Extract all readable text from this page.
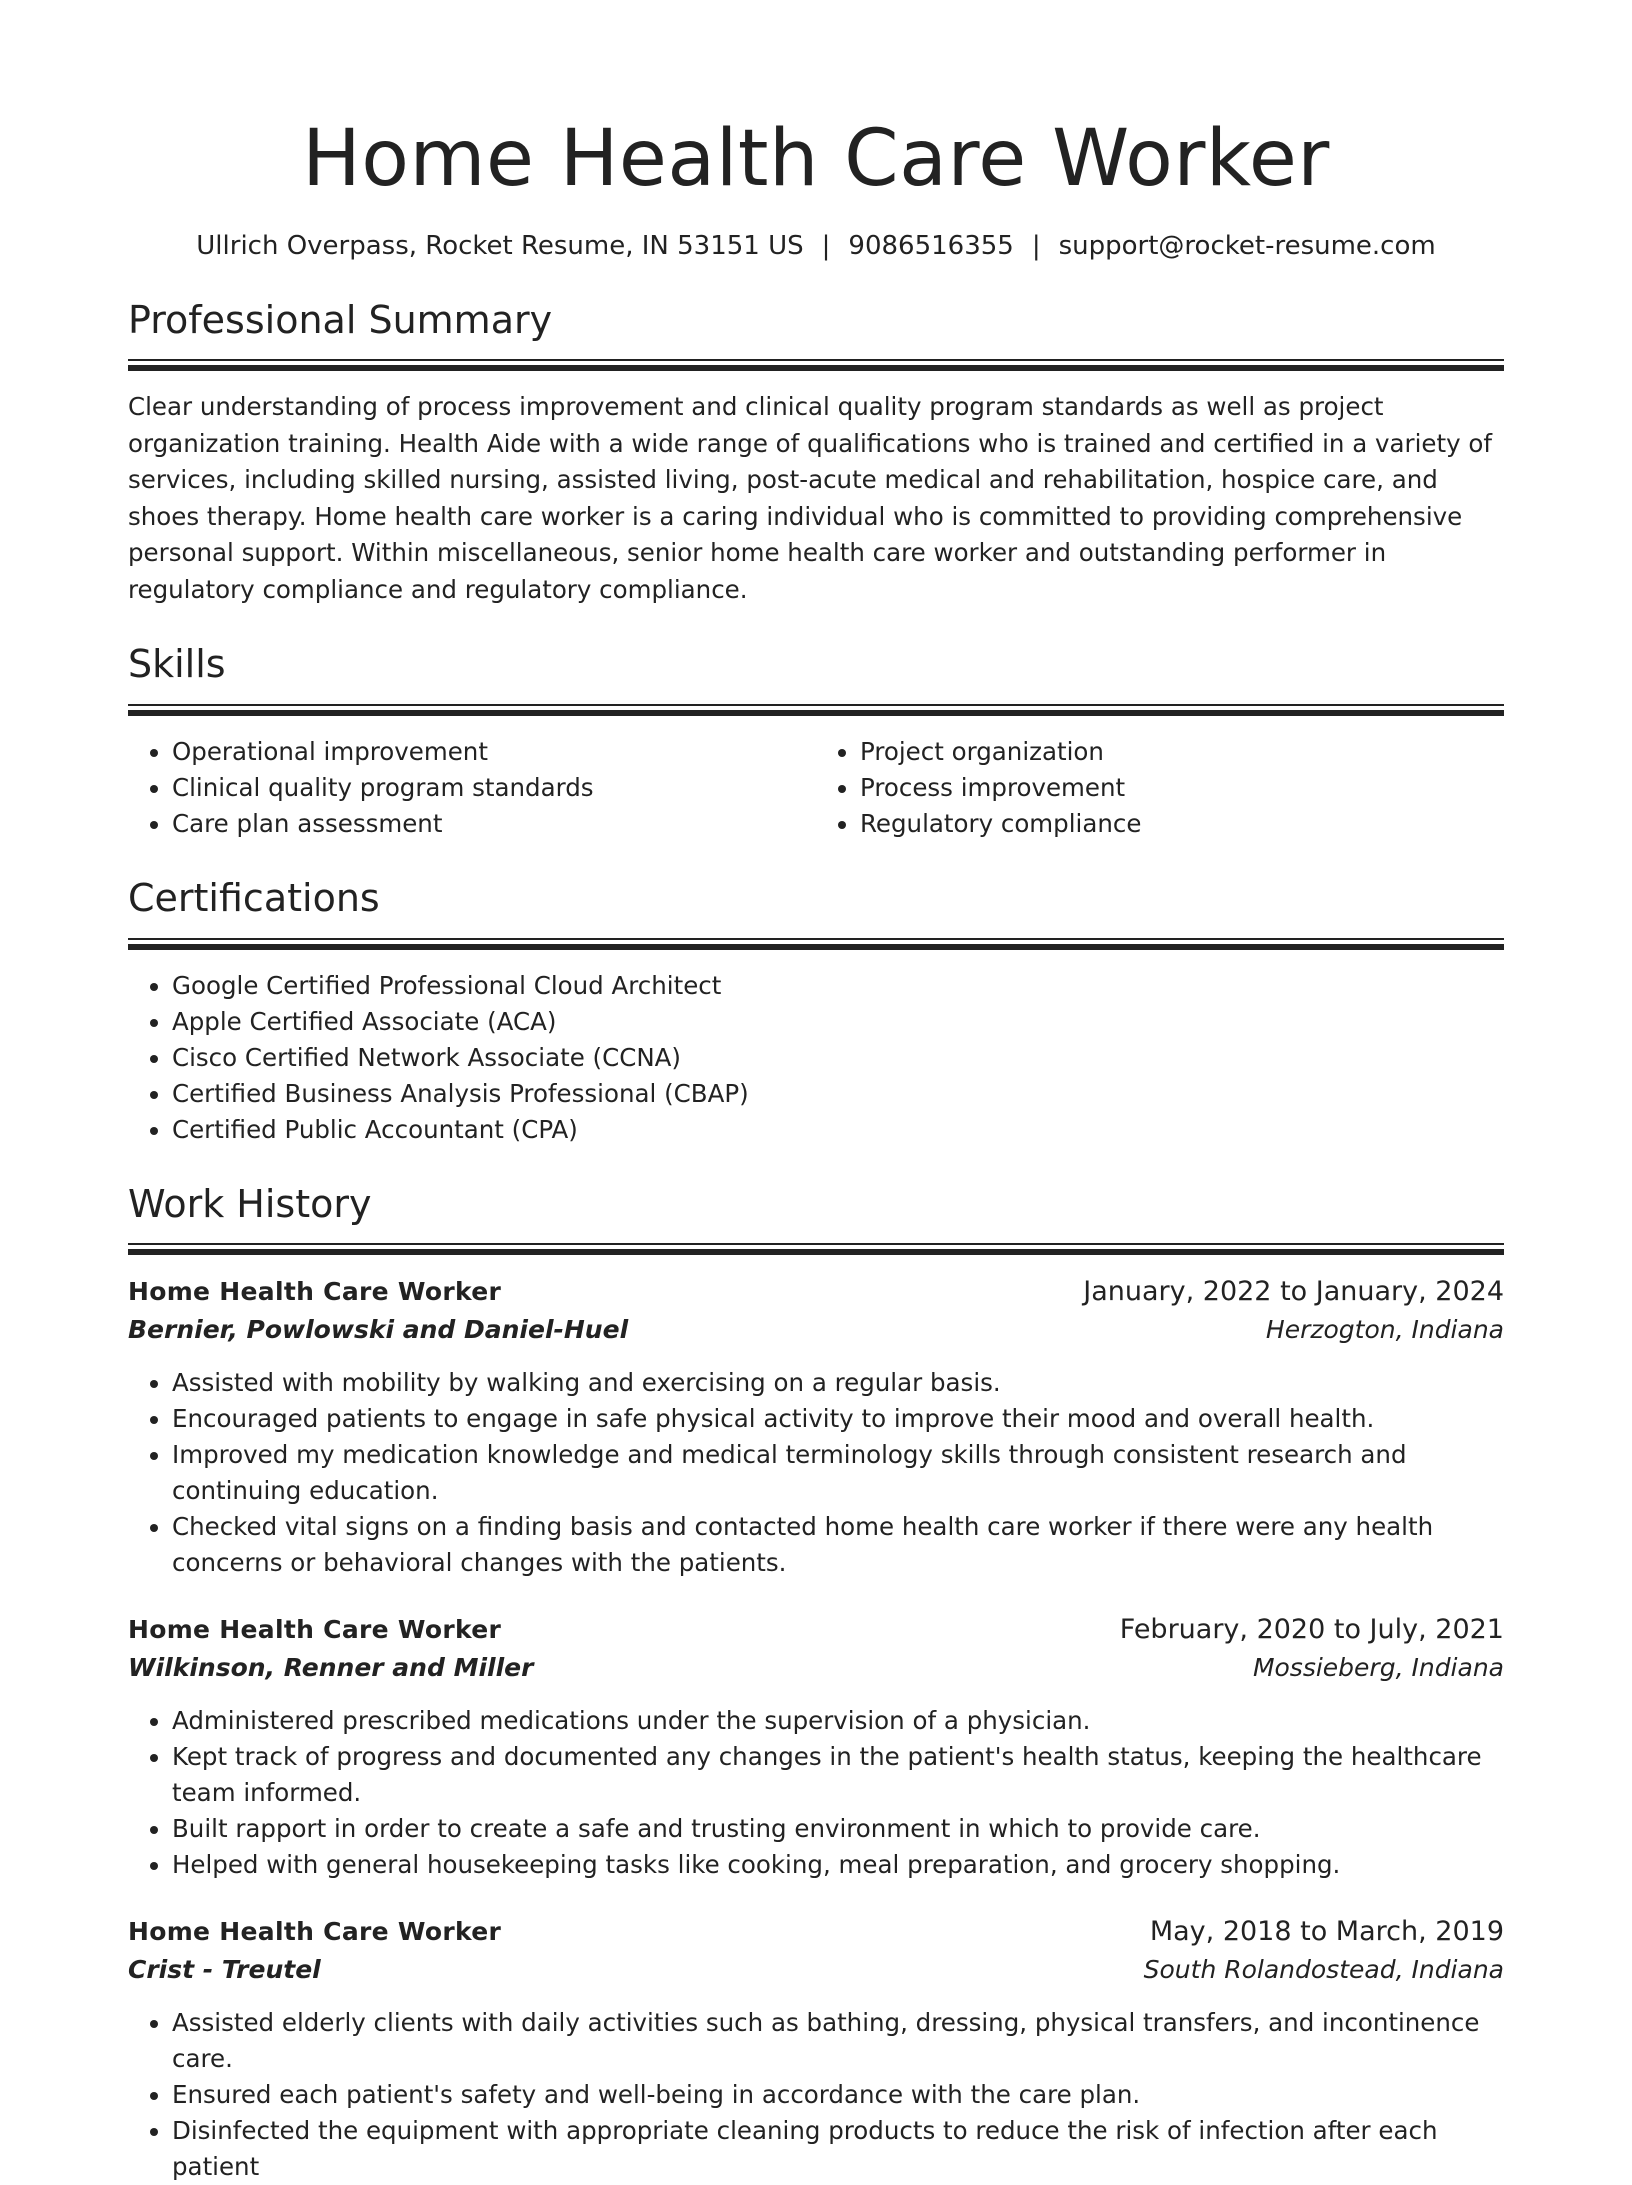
Home Health Care Worker
Ullrich Overpass, Rocket Resume, IN 53151 US | 9086516355 | support@rocket-resume.com
Professional Summary

Clear understanding of process improvement and clinical quality program standards as well as project organization training. Health Aide with a wide range of qualifications who is trained and certified in a variety of services, including skilled nursing, assisted living, post-acute medical and rehabilitation, hospice care, and shoes therapy. Home health care worker is a caring individual who is committed to providing comprehensive personal support. Within miscellaneous, senior home health care worker and outstanding performer in regulatory compliance and regulatory compliance.

Skills
• Operational improvement
• Clinical quality program standards
• Care plan assessment
• Project organization
• Process improvement
• Regulatory compliance
Certifications
• Google Certified Professional Cloud Architect
• Apple Certified Associate (ACA)
• Cisco Certified Network Associate (CCNA)
• Certified Business Analysis Professional (CBAP)
• Certified Public Accountant (CPA)
Work History
Home Health Care Worker	January, 2022 to January, 2024
Bernier, Powlowski and Daniel-Huel	Herzogton, Indiana
• Assisted with mobility by walking and exercising on a regular basis.
• Encouraged patients to engage in safe physical activity to improve their mood and overall health.
• Improved my medication knowledge and medical terminology skills through consistent research and continuing education.
• Checked vital signs on a finding basis and contacted home health care worker if there were any health concerns or behavioral changes with the patients.
Home Health Care Worker	February, 2020 to July, 2021
Wilkinson, Renner and Miller	Mossieberg, Indiana
• Administered prescribed medications under the supervision of a physician.
• Kept track of progress and documented any changes in the patient's health status, keeping the healthcare team informed.
• Built rapport in order to create a safe and trusting environment in which to provide care.
• Helped with general housekeeping tasks like cooking, meal preparation, and grocery shopping.
Home Health Care Worker	May, 2018 to March, 2019
Crist - Treutel	South Rolandostead, Indiana
• Assisted elderly clients with daily activities such as bathing, dressing, physical transfers, and incontinence care.
• Ensured each patient's safety and well-being in accordance with the care plan.
• Disinfected the equipment with appropriate cleaning products to reduce the risk of infection after each patient
